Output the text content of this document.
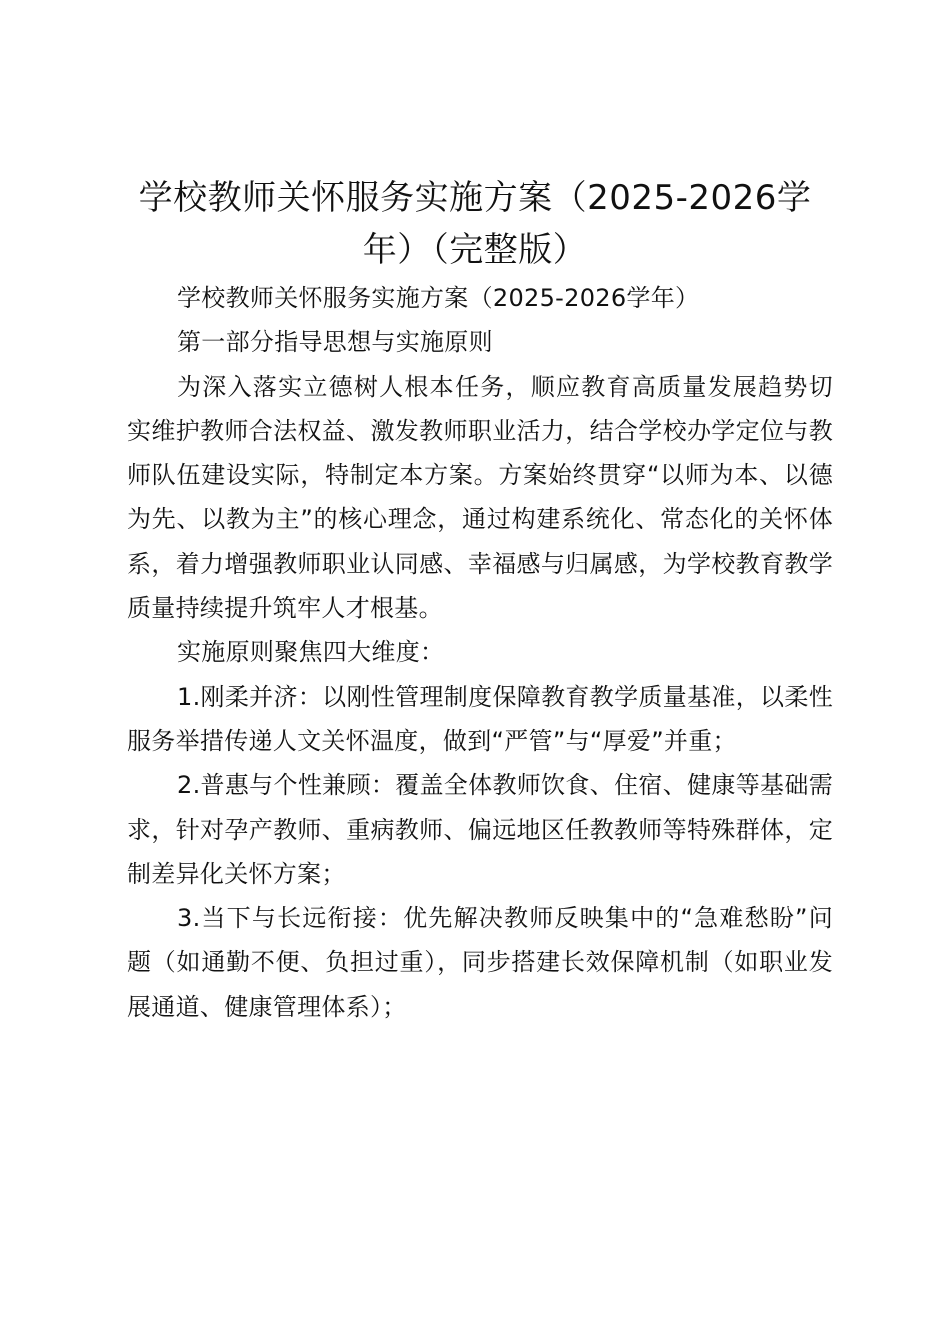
学校教师关怀服务实施方案（2025-2026学年）（完整版）

学校教师关怀服务实施方案（2025-2026学年）

第一部分指导思想与实施原则

为深入落实立德树人根本任务，顺应教育高质量发展趋势切实维护教师合法权益、激发教师职业活力，结合学校办学定位与教师队伍建设实际，特制定本方案。方案始终贯穿“以师为本、以德为先、以教为主”的核心理念，通过构建系统化、常态化的关怀体系，着力增强教师职业认同感、幸福感与归属感，为学校教育教学质量持续提升筑牢人才根基。

实施原则聚焦四大维度：

1.刚柔并济：以刚性管理制度保障教育教学质量基准，以柔性服务举措传递人文关怀温度，做到“严管”与“厚爱”并重；

2.普惠与个性兼顾：覆盖全体教师饮食、住宿、健康等基础需求，针对孕产教师、重病教师、偏远地区任教教师等特殊群体，定制差异化关怀方案；

3.当下与长远衔接：优先解决教师反映集中的“急难愁盼”问题（如通勤不便、负担过重），同步搭建长效保障机制（如职业发展通道、健康管理体系）；
